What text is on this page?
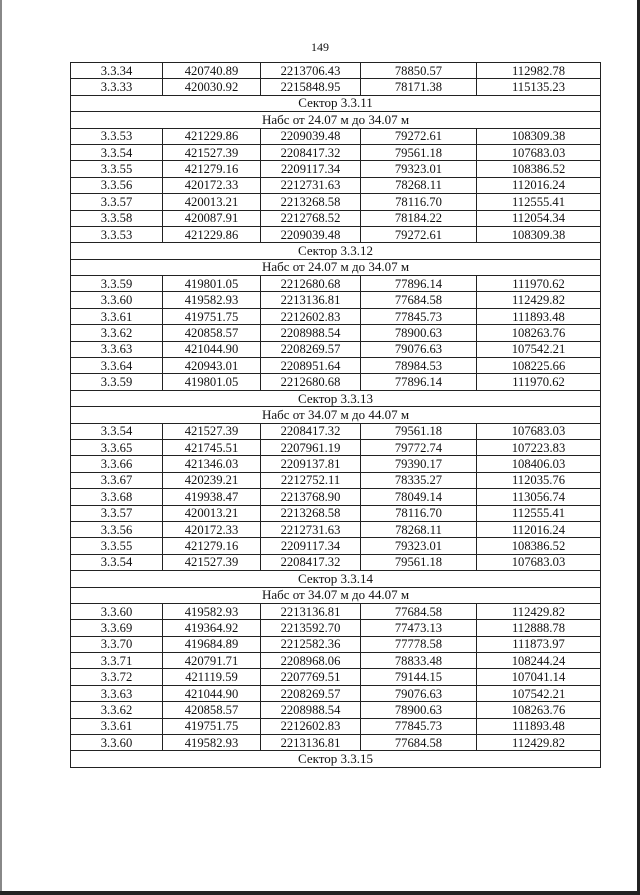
149
3.3.34	420740.89	2213706.43	78850.57	112982.78
3.3.33	420030.92	2215848.95	78171.38	115135.23
Сектор 3.3.11				
Набс от 24.07 м до 34.07 м				
3.3.53	421229.86	2209039.48	79272.61	108309.38
3.3.54	421527.39	2208417.32	79561.18	107683.03
3.3.55	421279.16	2209117.34	79323.01	108386.52
3.3.56	420172.33	2212731.63	78268.11	112016.24
3.3.57	420013.21	2213268.58	78116.70	112555.41
3.3.58	420087.91	2212768.52	78184.22	112054.34
3.3.53	421229.86	2209039.48	79272.61	108309.38
Сектор 3.3.12				
Набс от 24.07 м до 34.07 м				
3.3.59	419801.05	2212680.68	77896.14	111970.62
3.3.60	419582.93	2213136.81	77684.58	112429.82
3.3.61	419751.75	2212602.83	77845.73	111893.48
3.3.62	420858.57	2208988.54	78900.63	108263.76
3.3.63	421044.90	2208269.57	79076.63	107542.21
3.3.64	420943.01	2208951.64	78984.53	108225.66
3.3.59	419801.05	2212680.68	77896.14	111970.62
Сектор 3.3.13				
Набс от 34.07 м до 44.07 м				
3.3.54	421527.39	2208417.32	79561.18	107683.03
3.3.65	421745.51	2207961.19	79772.74	107223.83
3.3.66	421346.03	2209137.81	79390.17	108406.03
3.3.67	420239.21	2212752.11	78335.27	112035.76
3.3.68	419938.47	2213768.90	78049.14	113056.74
3.3.57	420013.21	2213268.58	78116.70	112555.41
3.3.56	420172.33	2212731.63	78268.11	112016.24
3.3.55	421279.16	2209117.34	79323.01	108386.52
3.3.54	421527.39	2208417.32	79561.18	107683.03
Сектор 3.3.14				
Набс от 34.07 м до 44.07 м				
3.3.60	419582.93	2213136.81	77684.58	112429.82
3.3.69	419364.92	2213592.70	77473.13	112888.78
3.3.70	419684.89	2212582.36	77778.58	111873.97
3.3.71	420791.71	2208968.06	78833.48	108244.24
3.3.72	421119.59	2207769.51	79144.15	107041.14
3.3.63	421044.90	2208269.57	79076.63	107542.21
3.3.62	420858.57	2208988.54	78900.63	108263.76
3.3.61	419751.75	2212602.83	77845.73	111893.48
3.3.60	419582.93	2213136.81	77684.58	112429.82
Сектор 3.3.15				
